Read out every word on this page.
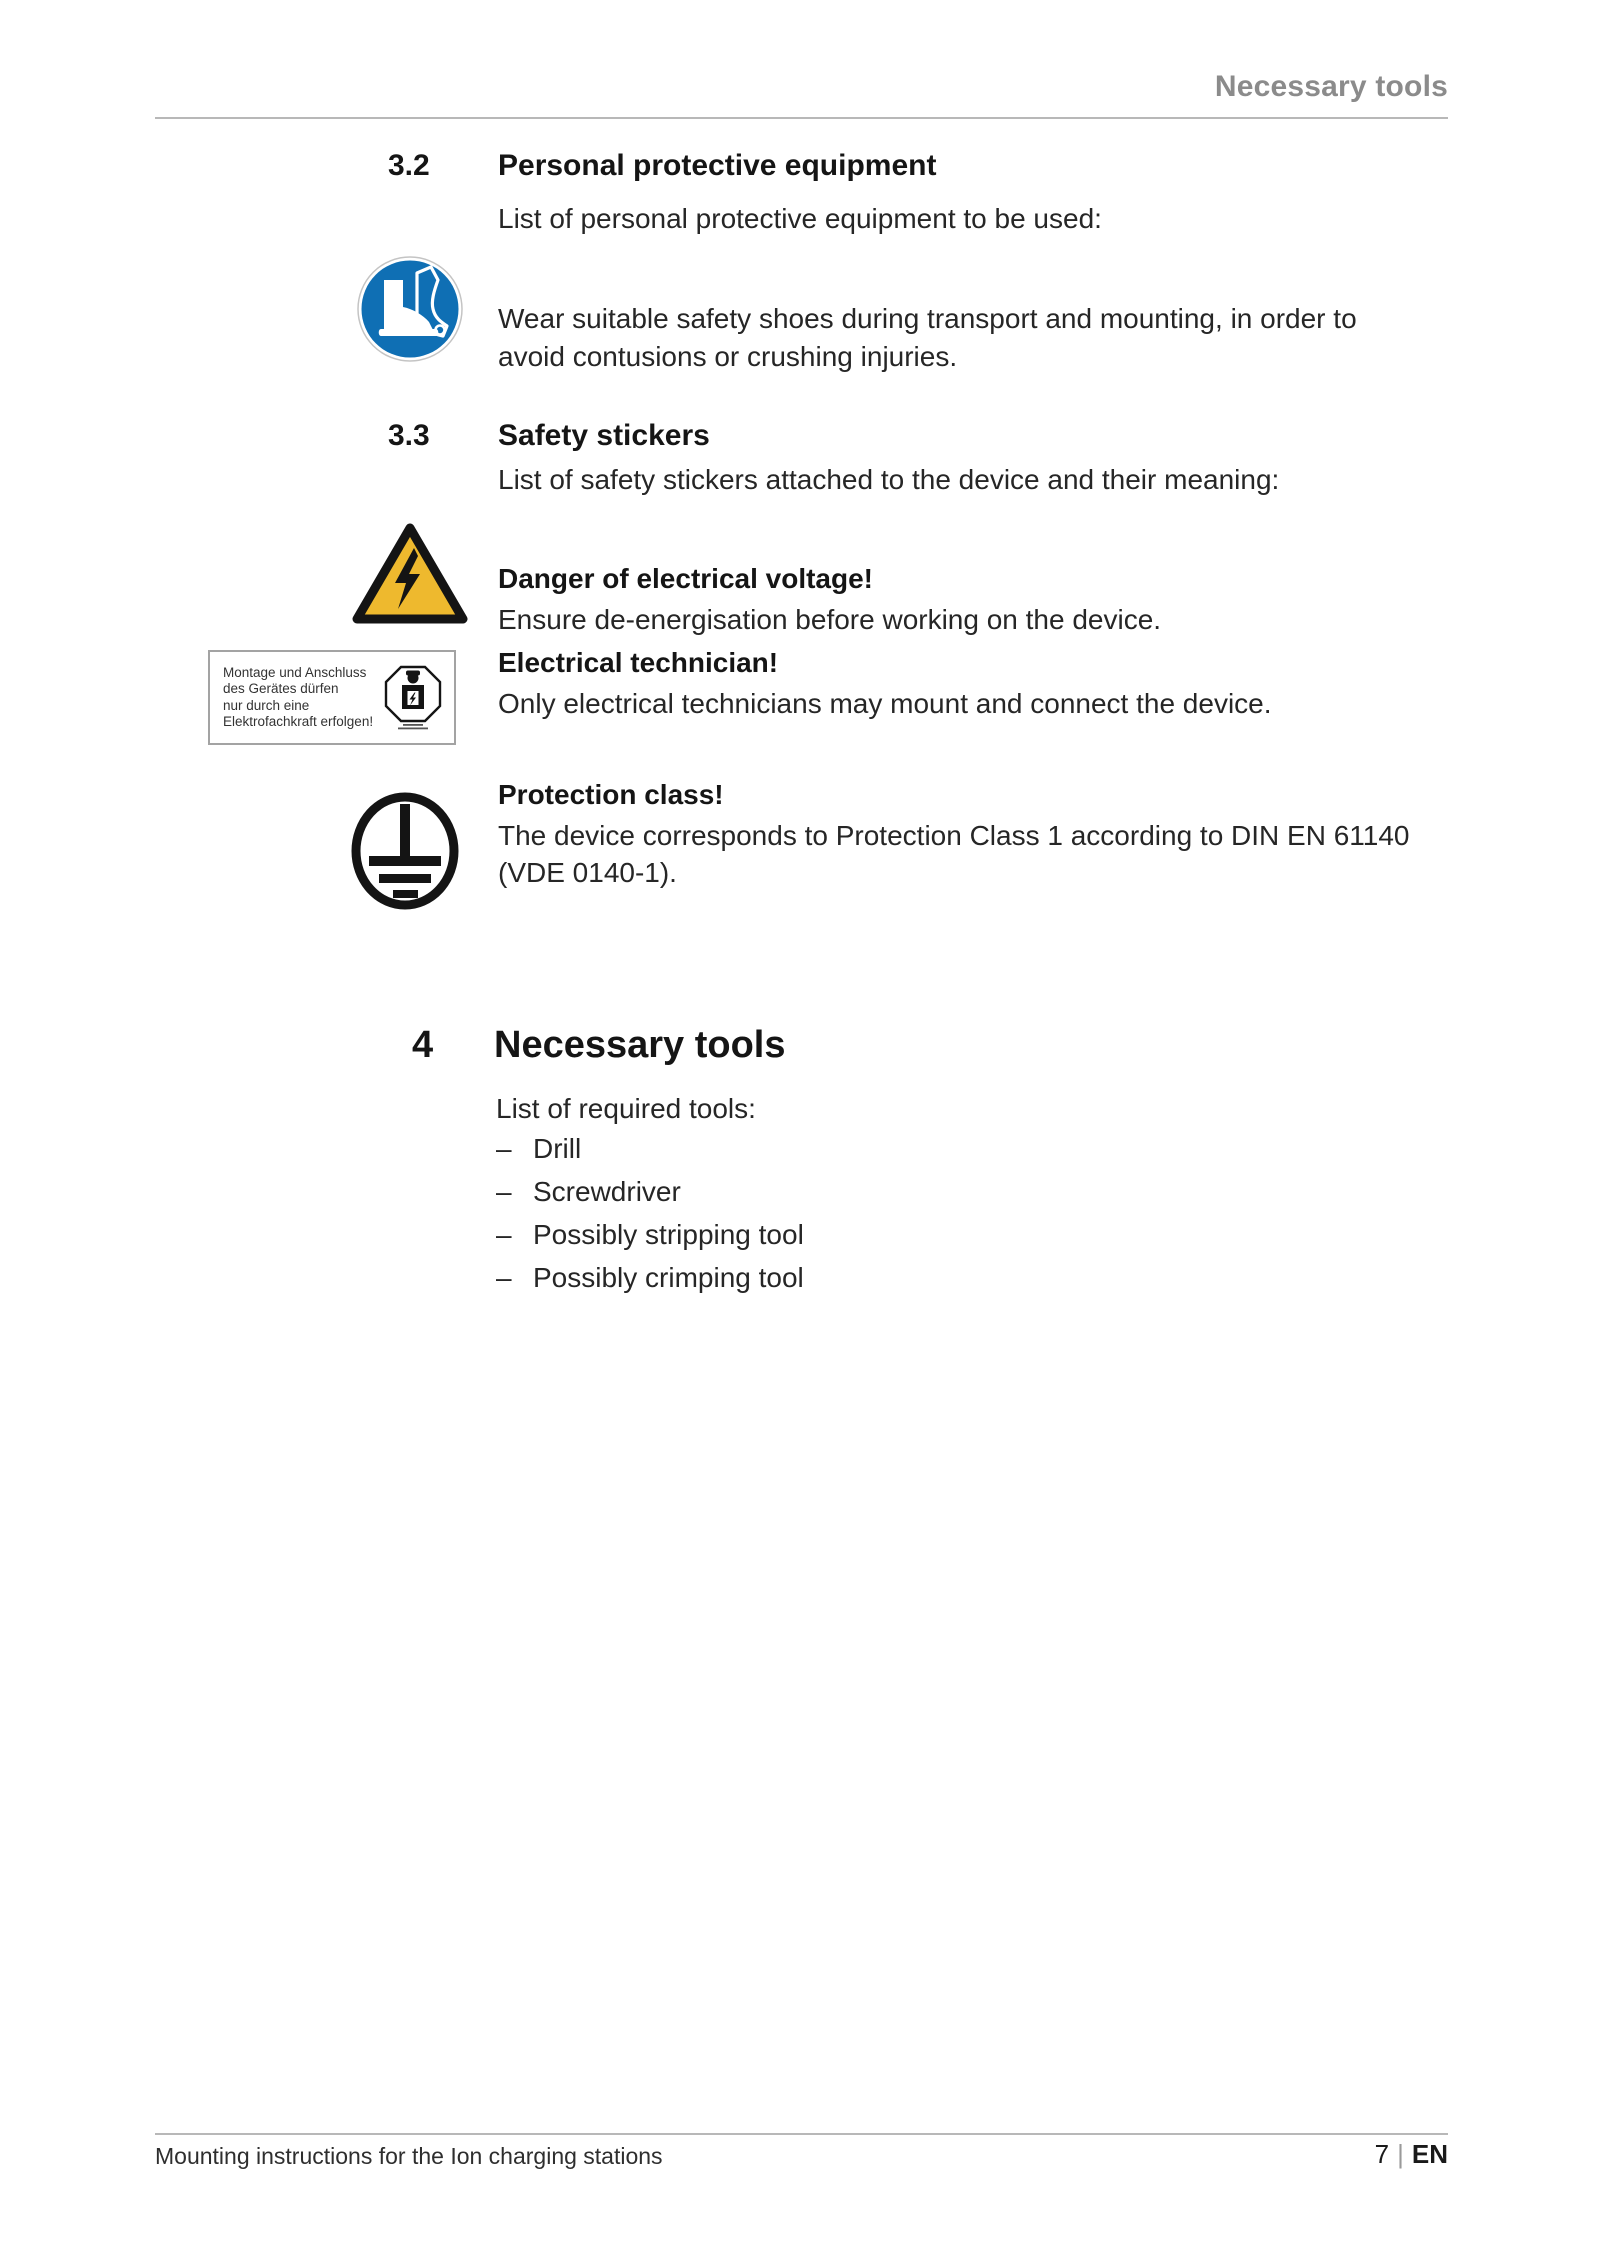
Necessary tools
3.2 Personal protective equipment
List of personal protective equipment to be used:
Wear suitable safety shoes during transport and mounting, in order to avoid contusions or crushing injuries.
3.3 Safety stickers
List of safety stickers attached to the device and their meaning:
Danger of electrical voltage!
Ensure de-energisation before working on the device.
Montage und Anschluss
des Gerätes dürfen
nur durch eine
Elektrofachkraft erfolgen!
Electrical technician!
Only electrical technicians may mount and connect the device.
Protection class!
The device corresponds to Protection Class 1 according to DIN EN 61140 (VDE 0140-1).
4 Necessary tools
List of required tools:
– Drill
– Screwdriver
– Possibly stripping tool
– Possibly crimping tool
Mounting instructions for the Ion charging stations	7 | EN
